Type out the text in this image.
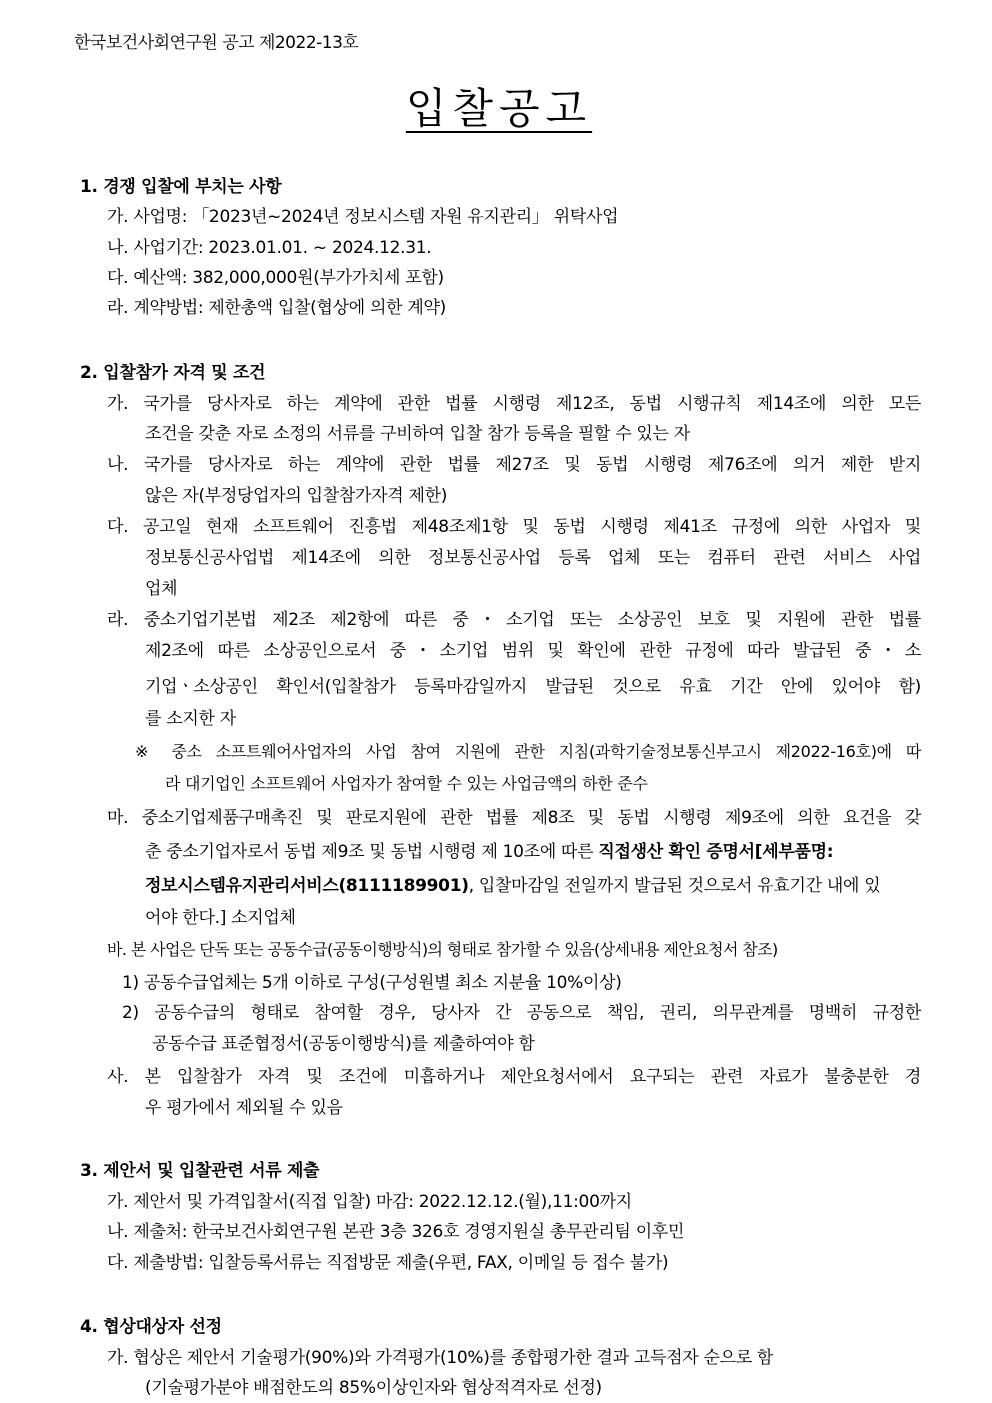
한국보건사회연구원 공고 제2022-13호
입찰공고
1. 경쟁 입찰에 부치는 사항
가. 사업명: 「2023년~2024년 정보시스템 자원 유지관리」 위탁사업
나. 사업기간: 2023.01.01. ~ 2024.12.31.
다. 예산액: 382,000,000원(부가가치세 포함)
라. 계약방법: 제한총액 입찰(협상에 의한 계약)
2. 입찰참가 자격 및 조건
가. 국가를 당사자로 하는 계약에 관한 법률 시행령 제12조, 동법 시행규칙 제14조에 의한 모든
조건을 갖춘 자로 소정의 서류를 구비하여 입찰 참가 등록을 필할 수 있는 자
나. 국가를 당사자로 하는 계약에 관한 법률 제27조 및 동법 시행령 제76조에 의거 제한 받지
않은 자(부정당업자의 입찰참가자격 제한)
다. 공고일 현재 소프트웨어 진흥법 제48조제1항 및 동법 시행령 제41조 규정에 의한 사업자 및
정보통신공사업법 제14조에 의한 정보통신공사업 등록 업체 또는 컴퓨터 관련 서비스 사업
업체
라. 중소기업기본법 제2조 제2항에 따른 중・소기업 또는 소상공인 보호 및 지원에 관한 법률
제2조에 따른 소상공인으로서 중・소기업 범위 및 확인에 관한 규정에 따라 발급된 중・소
기업ㆍ소상공인 확인서(입찰참가 등록마감일까지 발급된 것으로 유효 기간 안에 있어야 함)
를 소지한 자
※ 중소 소프트웨어사업자의 사업 참여 지원에 관한 지침(과학기술정보통신부고시 제2022-16호)에 따
라 대기업인 소프트웨어 사업자가 참여할 수 있는 사업금액의 하한 준수
마. 중소기업제품구매촉진 및 판로지원에 관한 법률 제8조 및 동법 시행령 제9조에 의한 요건을 갖
춘 중소기업자로서 동법 제9조 및 동법 시행령 제 10조에 따른 직접생산 확인 증명서[세부품명:
정보시스템유지관리서비스(8111189901), 입찰마감일 전일까지 발급된 것으로서 유효기간 내에 있
어야 한다.] 소지업체
바. 본 사업은 단독 또는 공동수급(공동이행방식)의 형태로 참가할 수 있음(상세내용 제안요청서 참조)
1) 공동수급업체는 5개 이하로 구성(구성원별 최소 지분율 10%이상)
2) 공동수급의 형태로 참여할 경우, 당사자 간 공동으로 책임, 권리, 의무관계를 명백히 규정한
공동수급 표준협정서(공동이행방식)를 제출하여야 함
사. 본 입찰참가 자격 및 조건에 미흡하거나 제안요청서에서 요구되는 관련 자료가 불충분한 경
우 평가에서 제외될 수 있음
3. 제안서 및 입찰관련 서류 제출
가. 제안서 및 가격입찰서(직접 입찰) 마감: 2022.12.12.(월),11:00까지
나. 제출처: 한국보건사회연구원 본관 3층 326호 경영지원실 총무관리팀 이후민
다. 제출방법: 입찰등록서류는 직접방문 제출(우편, FAX, 이메일 등 접수 불가)
4. 협상대상자 선정
가. 협상은 제안서 기술평가(90%)와 가격평가(10%)를 종합평가한 결과 고득점자 순으로 함
(기술평가분야 배점한도의 85%이상인자와 협상적격자로 선정)
